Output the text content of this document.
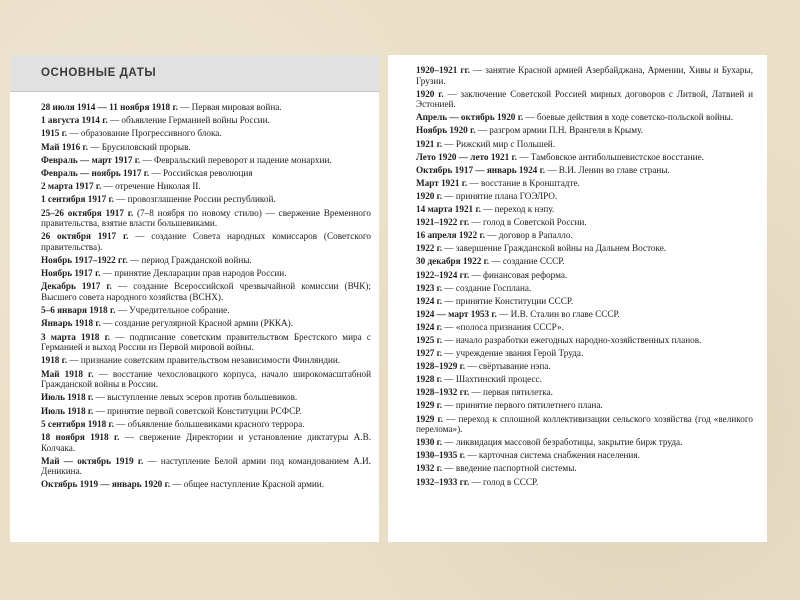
ОСНОВНЫЕ ДАТЫ
28 июля 1914 — 11 ноября 1918 г. — Первая мировая война.
1 августа 1914 г. — объявление Германией войны России.
1915 г. — образование Прогрессивного блока.
Май 1916 г. — Брусиловский прорыв.
Февраль — март 1917 г. — Февральский переворот и падение монархии.
Февраль — ноябрь 1917 г. — Российская революция
2 марта 1917 г. — отречение Николая II.
1 сентября 1917 г. — провозглашение России республикой.
25–26 октября 1917 г. (7–8 ноября по новому стилю) — свержение Временного правительства, взятие власти большевиками.
26 октября 1917 г. — создание Совета народных комиссаров (Советского правительства).
Ноябрь 1917–1922 гг. — период Гражданской войны.
Ноябрь 1917 г. — принятие Декларации прав народов России.
Декабрь 1917 г. — создание Всероссийской чрезвычайной комиссии (ВЧК); Высшего совета народного хозяйства (ВСНХ).
5–6 января 1918 г. — Учредительное собрание.
Январь 1918 г. — создание регулярной Красной армии (РККА).
3 марта 1918 г. — подписание советским правительством Брестского мира с Германией и выход России из Первой мировой войны.
1918 г. — признание советским правительством независимости Финляндии.
Май 1918 г. — восстание чехословацкого корпуса, начало широкомасштабной Гражданской войны в России.
Июль 1918 г. — выступление левых эсеров против большевиков.
Июль 1918 г. — принятие первой советской Конституции РСФСР.
5 сентября 1918 г. — объявление большевиками красного террора.
18 ноября 1918 г. — свержение Директории и установление диктатуры А.В. Колчака.
Май — октябрь 1919 г. — наступление Белой армии под командованием А.И. Деникина.
Октябрь 1919 — январь 1920 г. — общее наступление Красной армии.
1920–1921 гг. — занятие Красной армией Азербайджана, Армении, Хивы и Бухары, Грузии.
1920 г. — заключение Советской Россией мирных договоров с Литвой, Латвией и Эстонией.
Апрель — октябрь 1920 г. — боевые действия в ходе советско-польской войны.
Ноябрь 1920 г. — разгром армии П.Н. Врангеля в Крыму.
1921 г. — Рижский мир с Польшей.
Лето 1920 — лето 1921 г. — Тамбовское антибольшевистское восстание.
Октябрь 1917 — январь 1924 г. — В.И. Ленин во главе страны.
Март 1921 г. — восстание в Кронштадте.
1920 г. — принятие плана ГОЭЛРО.
14 марта 1921 г. — переход к нэпу.
1921–1922 гг. — голод в Советской России.
16 апреля 1922 г. — договор в Рапалло.
1922 г. — завершение Гражданской войны на Дальнем Востоке.
30 декабря 1922 г. — создание СССР.
1922–1924 гг. — финансовая реформа.
1923 г. — создание Госплана.
1924 г. — принятие Конституции СССР.
1924 — март 1953 г. — И.В. Сталин во главе СССР.
1924 г. — «полоса признания СССР».
1925 г. — начало разработки ежегодных народно-хозяйственных планов.
1927 г. — учреждение звания Герой Труда.
1928–1929 г. — свёртывание нэпа.
1928 г. — Шахтинский процесс.
1928–1932 гг. — первая пятилетка.
1929 г. — принятие первого пятилетнего плана.
1929 г. — переход к сплошной коллективизации сельского хозяйства (год «великого перелома»).
1930 г. — ликвидация массовой безработицы, закрытие бирж труда.
1930–1935 г. — карточная система снабжения населения.
1932 г. — введение паспортной системы.
1932–1933 гг. — голод в СССР.
